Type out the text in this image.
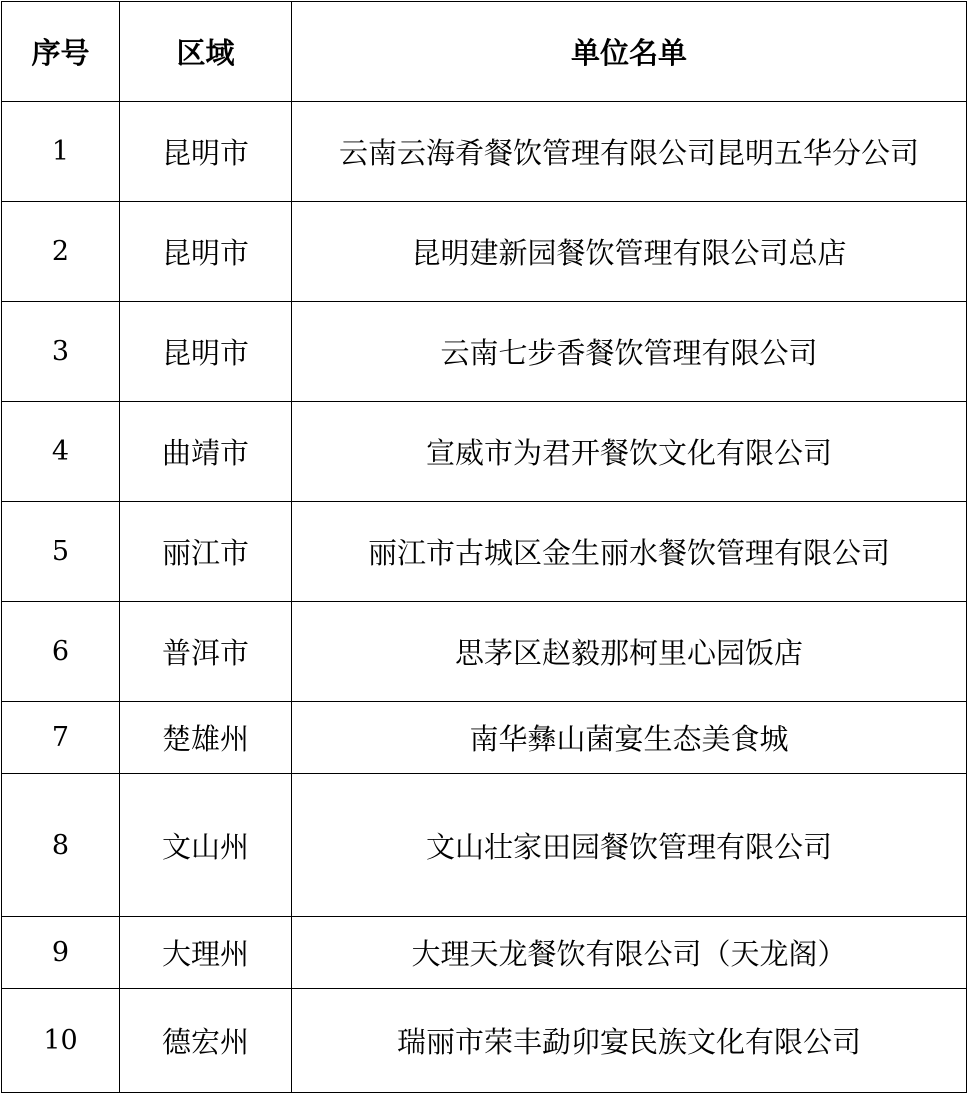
序号	区域	单位名单
1	昆明市	云南云海肴餐饮管理有限公司昆明五华分公司
2	昆明市	昆明建新园餐饮管理有限公司总店
3	昆明市	云南七步香餐饮管理有限公司
4	曲靖市	宣威市为君开餐饮文化有限公司
5	丽江市	丽江市古城区金生丽水餐饮管理有限公司
6	普洱市	思茅区赵毅那柯里心园饭店
7	楚雄州	南华彝山菌宴生态美食城
8	文山州	文山壮家田园餐饮管理有限公司
9	大理州	大理天龙餐饮有限公司（天龙阁）
10	德宏州	瑞丽市荣丰勐卯宴民族文化有限公司
